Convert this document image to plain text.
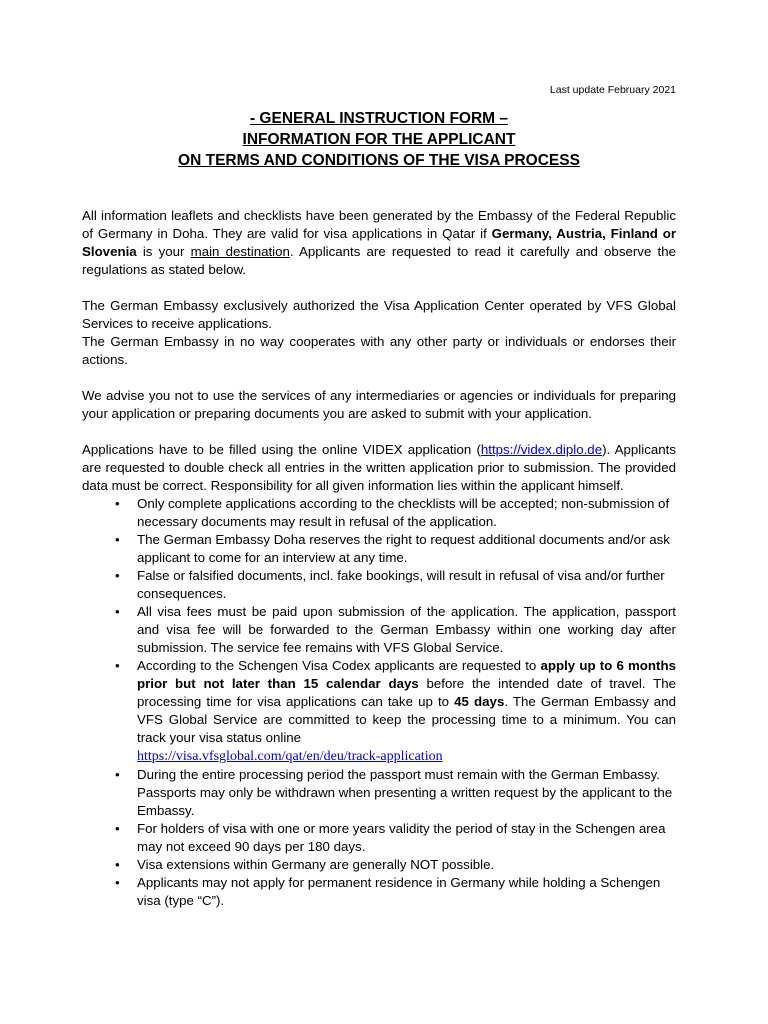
Last update February 2021
- GENERAL INSTRUCTION FORM –
INFORMATION FOR THE APPLICANT
ON TERMS AND CONDITIONS OF THE VISA PROCESS

All information leaflets and checklists have been generated by the Embassy of the Federal Republic of Germany in Doha. They are valid for visa applications in Qatar if Germany, Austria, Finland or Slovenia is your main destination. Applicants are requested to read it carefully and observe the regulations as stated below.

The German Embassy exclusively authorized the Visa Application Center operated by VFS Global Services to receive applications.

The German Embassy in no way cooperates with any other party or individuals or endorses their actions.

We advise you not to use the services of any intermediaries or agencies or individuals for preparing your application or preparing documents you are asked to submit with your application.

Applications have to be filled using the online VIDEX application (https://videx.diplo.de). Applicants are requested to double check all entries in the written application prior to submission. The provided data must be correct. Responsibility for all given information lies within the applicant himself.

• Only complete applications according to the checklists will be accepted; non-submission of necessary documents may result in refusal of the application.
• The German Embassy Doha reserves the right to request additional documents and/or ask applicant to come for an interview at any time.
• False or falsified documents, incl. fake bookings, will result in refusal of visa and/or further consequences.
• All visa fees must be paid upon submission of the application. The application, passport and visa fee will be forwarded to the German Embassy within one working day after submission. The service fee remains with VFS Global Service.
• According to the Schengen Visa Codex applicants are requested to apply up to 6 months prior but not later than 15 calendar days before the intended date of travel. The processing time for visa applications can take up to 45 days. The German Embassy and VFS Global Service are committed to keep the processing time to a minimum. You can track your visa status online
https://visa.vfsglobal.com/qat/en/deu/track-application
• During the entire processing period the passport must remain with the German Embassy. Passports may only be withdrawn when presenting a written request by the applicant to the Embassy.
• For holders of visa with one or more years validity the period of stay in the Schengen area may not exceed 90 days per 180 days.
• Visa extensions within Germany are generally NOT possible.
• Applicants may not apply for permanent residence in Germany while holding a Schengen visa (type “C”).
